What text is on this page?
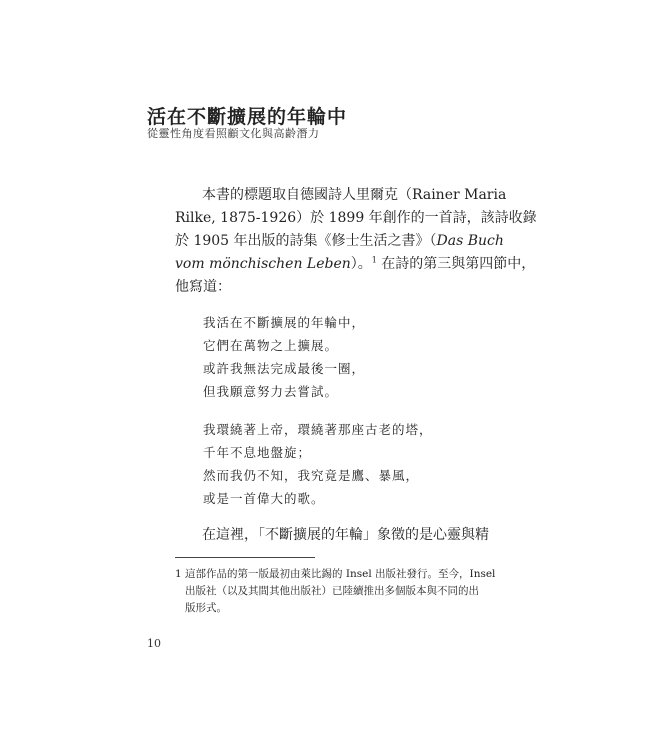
活在不斷擴展的年輪中
從靈性角度看照顧文化與高齡潛力
本書的標題取自德國詩人里爾克（Rainer Maria
Rilke, 1875-1926）於 1899 年創作的一首詩，該詩收錄
於 1905 年出版的詩集《修士生活之書》（Das Buch
vom mönchischen Leben）。$^1$ 在詩的第三與第四節中，
他寫道：
我活在不斷擴展的年輪中，
它們在萬物之上擴展。
或許我無法完成最後一圈，
但我願意努力去嘗試。
我環繞著上帝，環繞著那座古老的塔，
千年不息地盤旋；
然而我仍不知，我究竟是鷹、暴風，
或是一首偉大的歌。
在這裡，「不斷擴展的年輪」象徵的是心靈與精
1 這部作品的第一版最初由萊比錫的 Insel 出版社發行。至今，Insel
出版社（以及其間其他出版社）已陸續推出多個版本與不同的出
版形式。
10
